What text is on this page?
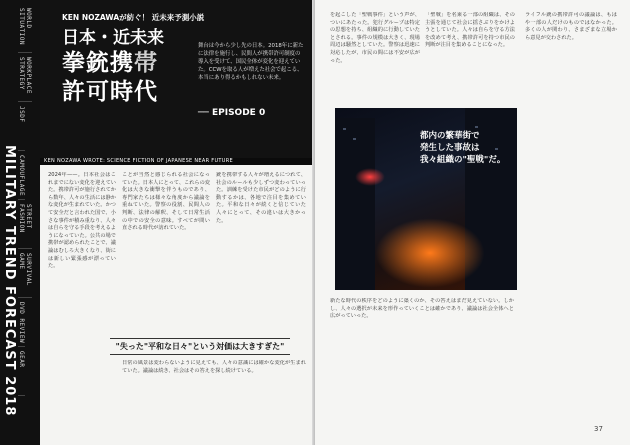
WORLD SITUATION
WORKPLACE STRATEGY
JSDF
CAMOUFLAGE
STREET FASHION
SURVIVAL GAME
DVD REVIEW
GEAR
MILITARY TREND FORECAST 2018
KEN NOZAWAが紡ぐ！ 近未来予測小説
日本・近未来
拳銃携帯
許可時代
舞台は今から少し先の日本。2018年に新たに法律を施行し、民間人が携帯許可制度の導入を受けて、国民全体が変化を迎えていた。CCWを取る人が増えた社会で起こる、本当にあり得るかもしれない未来。
── EPISODE 0
KEN NOZAWA WROTE: SCIENCE FICTION OF JAPANESE NEAR FUTURE
2024年——。日本社会はこれまでにない変化を迎えていた。携帯許可が施行されてから数年、人々の生活には静かな変化が生まれていた。かつて安全だと言われた国で、小さな事件が積み重なり、人々は自らを守る手段を考えるようになっていた。公共の場で携帯が認められたことで、議論はむしろ大きくなり、街には新しい緊張感が漂っていた。
ことが当然と感じられる社会になっていた。日本人にとって、これらの変化は大きな衝撃を伴うものであり、専門家たちは様々な角度から議論を重ねていた。警察の役割、民間人の判断、法律の解釈、そして日常生活の中での安全の意味。すべてが問い直される時代が訪れていた。
銃を携帯する人々が増えるにつれて、社会のルールも少しずつ変わっていった。訓練を受けた市民がどのように行動するかは、各地で注目を集めていた。平和な日々が続くと信じていた人々にとって、その違いは大きかった。
"失った"平和な日々"という対価は大きすぎた"
日常の風景は変わらないように見えても、人々の意識には確かな変化が生まれていた。議論は続き、社会はその答えを探し続けている。
を起こした「聖戦事件」という声が、ついにあたった。犯行グループは特定の思想を持ち、組織的に行動していたとされる。事件の規模は大きく、現場周辺は騒然としていた。警察は迅速に対応したが、市民の間には不安が広がった。
「聖戦」を名乗る一部の組織は、その主張を通じて社会に揺さぶりをかけようとしていた。人々は自らを守る方法を改めて考え、携帯許可を持つ市民の判断が注目を集めることになった。
ライフル銃の携帯許可の議論は、もはや一部の人だけのものではなかった。多くの人が関わり、さまざまな立場から意見が交わされた。
都内の繁華街で
発生した事故は
我々組織の"聖戦"だ。
新たな時代の秩序をどのように築くのか、その答えはまだ見えていない。しかし、人々の選択が未来を形作っていくことは確かであり、議論は社会全体へと広がっていった。
37
